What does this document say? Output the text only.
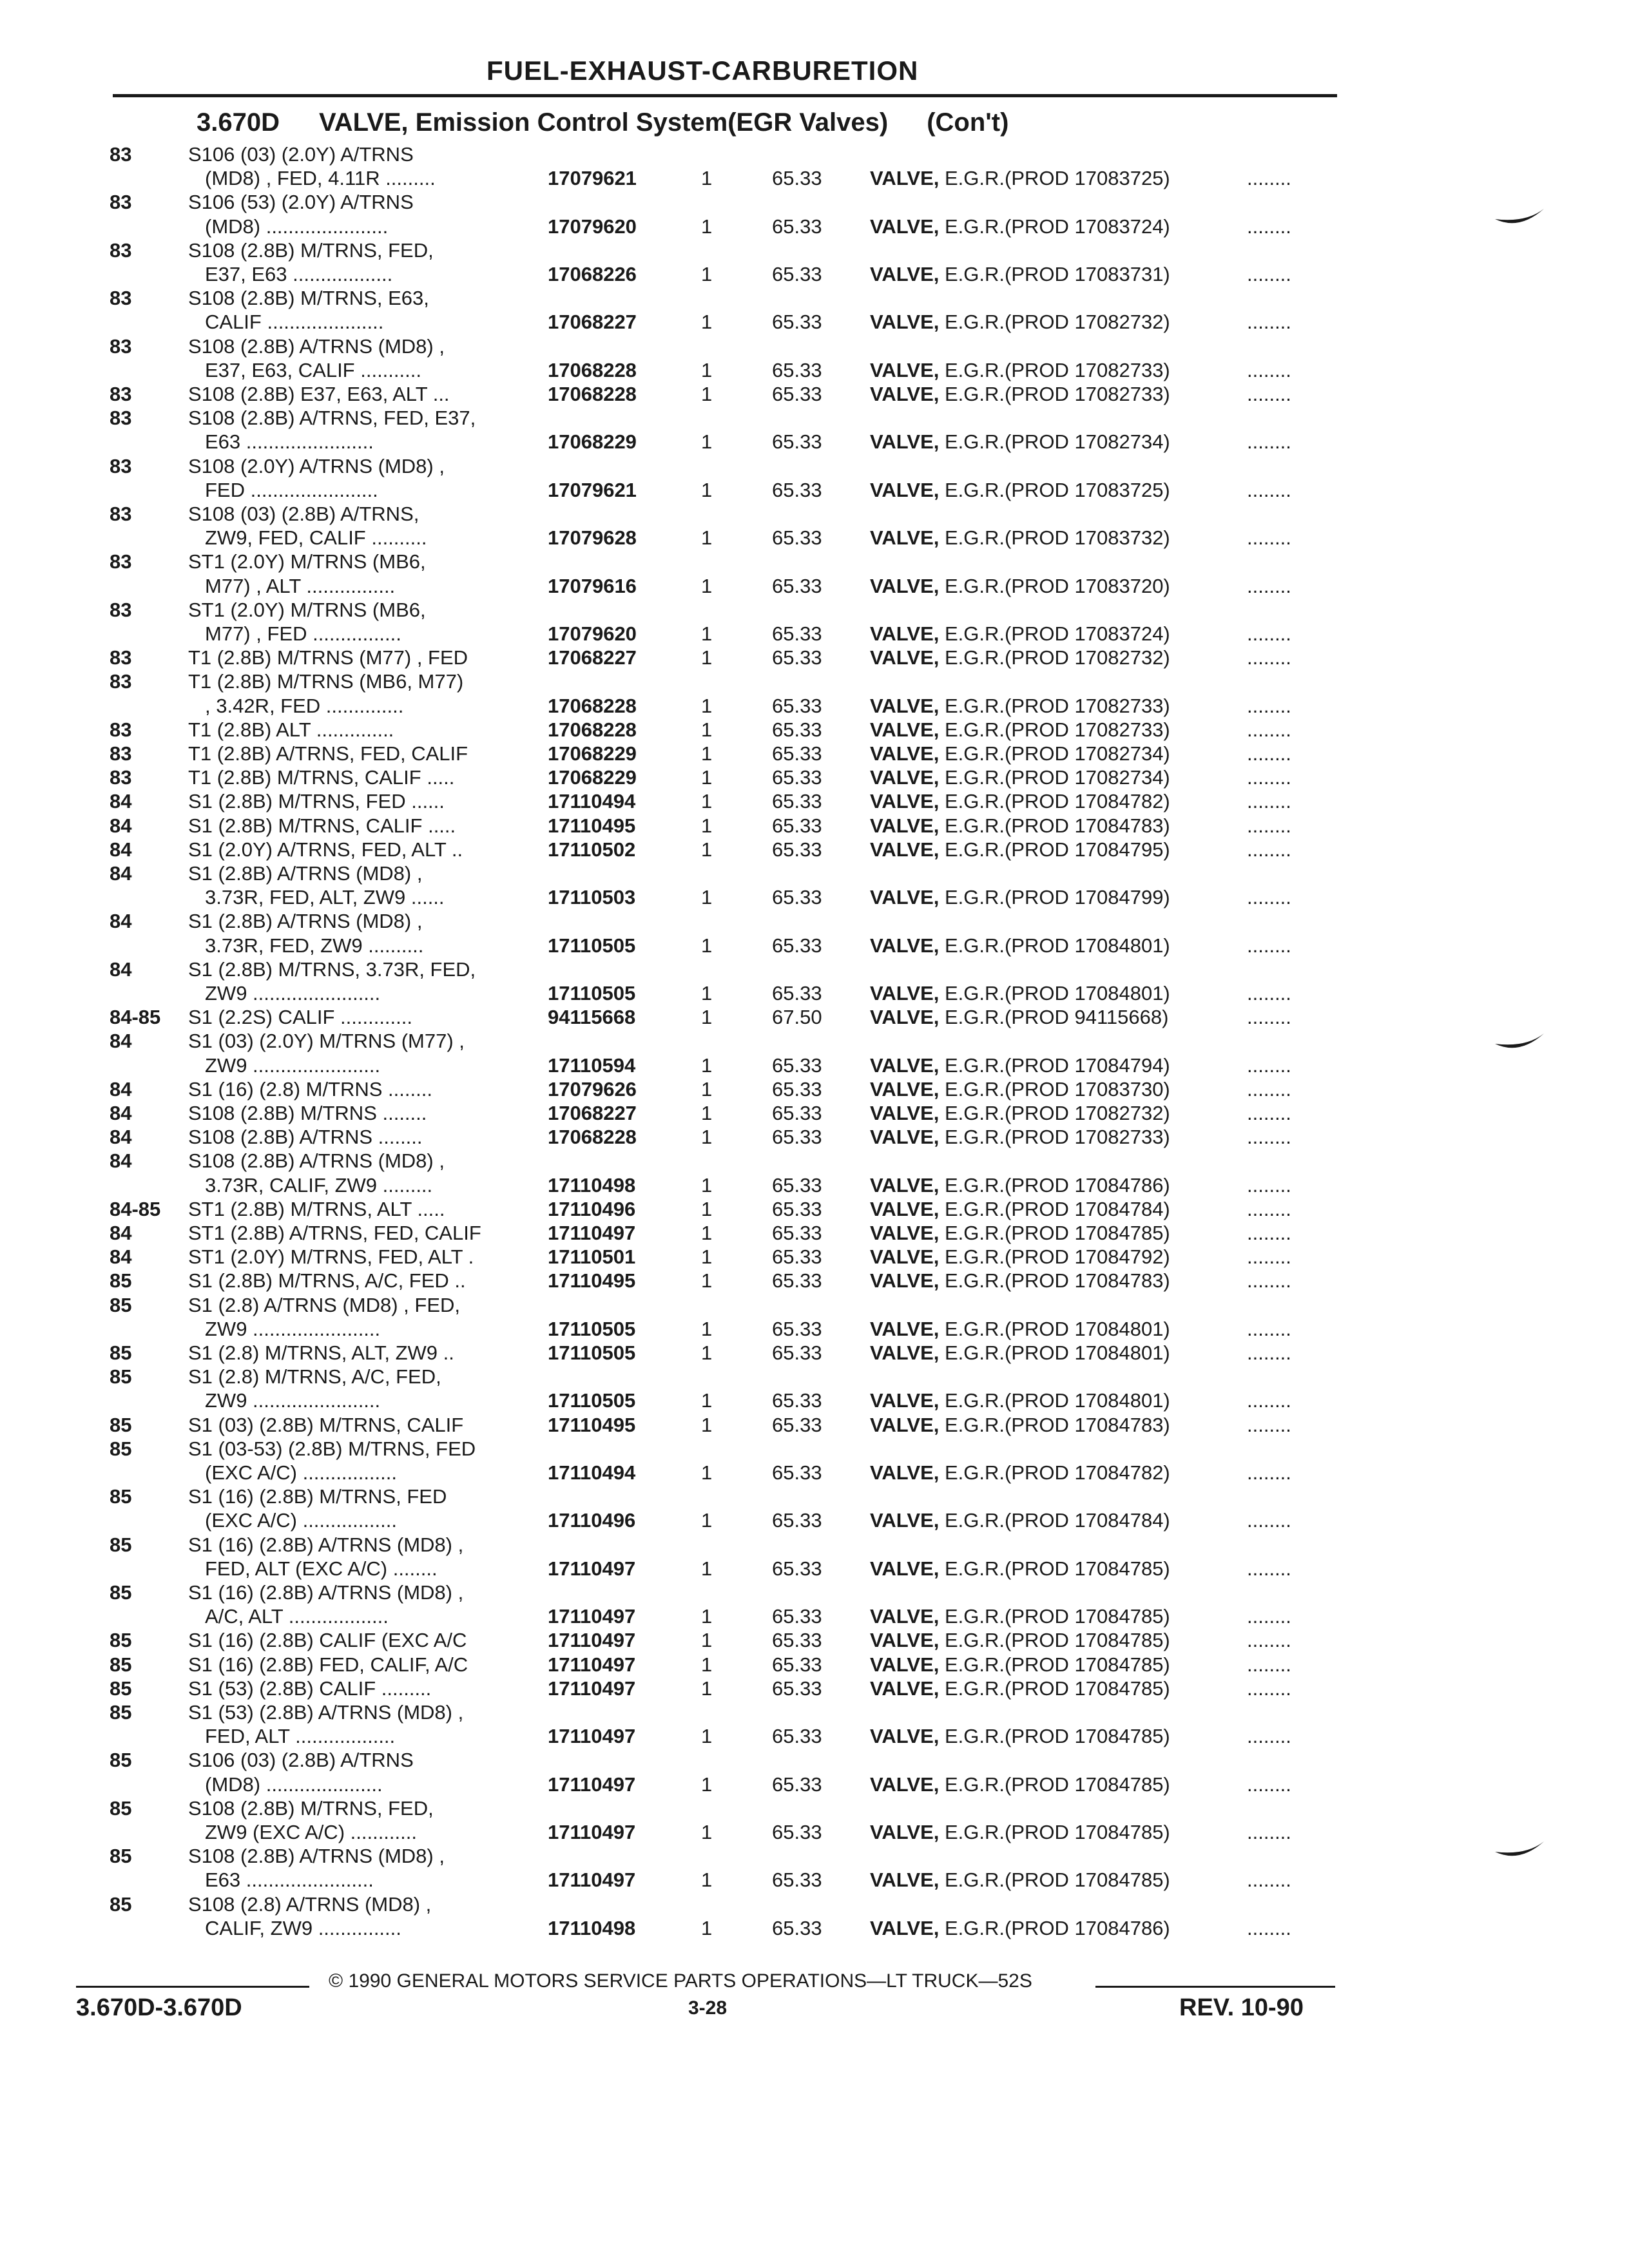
FUEL-EXHAUST-CARBURETION
3.670D VALVE, Emission Control System(EGR Valves) (Con't)
83	S106 (03) (2.0Y) A/TRNS
(MD8) , FED, 4.11R .........	17079621	1	65.33 VALVE, E.G.R.(PROD 17083725)	........
83	S106 (53) (2.0Y) A/TRNS
(MD8) ......................	17079620	1	65.33 VALVE, E.G.R.(PROD 17083724)	........
83	S108 (2.8B) M/TRNS, FED,
E37, E63 ..................	17068226	1	65.33 VALVE, E.G.R.(PROD 17083731)	........
83	S108 (2.8B) M/TRNS, E63,
CALIF .....................	17068227	1	65.33 VALVE, E.G.R.(PROD 17082732)	........
83	S108 (2.8B) A/TRNS (MD8) ,
E37, E63, CALIF ...........	17068228	1	65.33 VALVE, E.G.R.(PROD 17082733)	........
83	S108 (2.8B) E37, E63, ALT ...	17068228	1	65.33 VALVE, E.G.R.(PROD 17082733)	........
83	S108 (2.8B) A/TRNS, FED, E37,
E63 .......................	17068229	1	65.33 VALVE, E.G.R.(PROD 17082734)	........
83	S108 (2.0Y) A/TRNS (MD8) ,
FED .......................	17079621	1	65.33 VALVE, E.G.R.(PROD 17083725)	........
83	S108 (03) (2.8B) A/TRNS,
ZW9, FED, CALIF ..........	17079628	1	65.33 VALVE, E.G.R.(PROD 17083732)	........
83	ST1 (2.0Y) M/TRNS (MB6,
M77) , ALT ................	17079616	1	65.33 VALVE, E.G.R.(PROD 17083720)	........
83	ST1 (2.0Y) M/TRNS (MB6,
M77) , FED ................	17079620	1	65.33 VALVE, E.G.R.(PROD 17083724)	........
83	T1 (2.8B) M/TRNS (M77) , FED	17068227	1	65.33 VALVE, E.G.R.(PROD 17082732)	........
83	T1 (2.8B) M/TRNS (MB6, M77)
, 3.42R, FED ..............	17068228	1	65.33 VALVE, E.G.R.(PROD 17082733)	........
83	T1 (2.8B) ALT ..............	17068228	1	65.33 VALVE, E.G.R.(PROD 17082733)	........
83	T1 (2.8B) A/TRNS, FED, CALIF	17068229	1	65.33 VALVE, E.G.R.(PROD 17082734)	........
83	T1 (2.8B) M/TRNS, CALIF .....	17068229	1	65.33 VALVE, E.G.R.(PROD 17082734)	........
84	S1 (2.8B) M/TRNS, FED ......	17110494	1	65.33 VALVE, E.G.R.(PROD 17084782)	........
84	S1 (2.8B) M/TRNS, CALIF .....	17110495	1	65.33 VALVE, E.G.R.(PROD 17084783)	........
84	S1 (2.0Y) A/TRNS, FED, ALT ..	17110502	1	65.33 VALVE, E.G.R.(PROD 17084795)	........
84	S1 (2.8B) A/TRNS (MD8) ,
3.73R, FED, ALT, ZW9 ......	17110503	1	65.33 VALVE, E.G.R.(PROD 17084799)	........
84	S1 (2.8B) A/TRNS (MD8) ,
3.73R, FED, ZW9 ..........	17110505	1	65.33 VALVE, E.G.R.(PROD 17084801)	........
84	S1 (2.8B) M/TRNS, 3.73R, FED,
ZW9 .......................	17110505	1	65.33 VALVE, E.G.R.(PROD 17084801)	........
84-85 S1 (2.2S) CALIF .............	94115668	1	67.50 VALVE, E.G.R.(PROD 94115668)	........
84	S1 (03) (2.0Y) M/TRNS (M77) ,
ZW9 .......................	17110594	1	65.33 VALVE, E.G.R.(PROD 17084794)	........
84	S1 (16) (2.8) M/TRNS ........	17079626	1	65.33 VALVE, E.G.R.(PROD 17083730)	........
84	S108 (2.8B) M/TRNS ........	17068227	1	65.33 VALVE, E.G.R.(PROD 17082732)	........
84	S108 (2.8B) A/TRNS ........	17068228	1	65.33 VALVE, E.G.R.(PROD 17082733)	........
84	S108 (2.8B) A/TRNS (MD8) ,
3.73R, CALIF, ZW9 .........	17110498	1	65.33 VALVE, E.G.R.(PROD 17084786)	........
84-85 ST1 (2.8B) M/TRNS, ALT .....	17110496	1	65.33 VALVE, E.G.R.(PROD 17084784)	........
84	ST1 (2.8B) A/TRNS, FED, CALIF	17110497	1	65.33 VALVE, E.G.R.(PROD 17084785)	........
84	ST1 (2.0Y) M/TRNS, FED, ALT .	17110501	1	65.33 VALVE, E.G.R.(PROD 17084792)	........
85	S1 (2.8B) M/TRNS, A/C, FED ..	17110495	1	65.33 VALVE, E.G.R.(PROD 17084783)	........
85	S1 (2.8) A/TRNS (MD8) , FED,
ZW9 .......................	17110505	1	65.33 VALVE, E.G.R.(PROD 17084801)	........
85	S1 (2.8) M/TRNS, ALT, ZW9 ..	17110505	1	65.33 VALVE, E.G.R.(PROD 17084801)	........
85	S1 (2.8) M/TRNS, A/C, FED,
ZW9 .......................	17110505	1	65.33 VALVE, E.G.R.(PROD 17084801)	........
85	S1 (03) (2.8B) M/TRNS, CALIF	17110495	1	65.33 VALVE, E.G.R.(PROD 17084783)	........
85	S1 (03-53) (2.8B) M/TRNS, FED
(EXC A/C) .................	17110494	1	65.33 VALVE, E.G.R.(PROD 17084782)	........
85	S1 (16) (2.8B) M/TRNS, FED
(EXC A/C) .................	17110496	1	65.33 VALVE, E.G.R.(PROD 17084784)	........
85	S1 (16) (2.8B) A/TRNS (MD8) ,
FED, ALT (EXC A/C) ........	17110497	1	65.33 VALVE, E.G.R.(PROD 17084785)	........
85	S1 (16) (2.8B) A/TRNS (MD8) ,
A/C, ALT ..................	17110497	1	65.33 VALVE, E.G.R.(PROD 17084785)	........
85	S1 (16) (2.8B) CALIF (EXC A/C	17110497	1	65.33 VALVE, E.G.R.(PROD 17084785)	........
85	S1 (16) (2.8B) FED, CALIF, A/C	17110497	1	65.33 VALVE, E.G.R.(PROD 17084785)	........
85	S1 (53) (2.8B) CALIF .........	17110497	1	65.33 VALVE, E.G.R.(PROD 17084785)	........
85	S1 (53) (2.8B) A/TRNS (MD8) ,
FED, ALT ..................	17110497	1	65.33 VALVE, E.G.R.(PROD 17084785)	........
85	S106 (03) (2.8B) A/TRNS
(MD8) .....................	17110497	1	65.33 VALVE, E.G.R.(PROD 17084785)	........
85	S108 (2.8B) M/TRNS, FED,
ZW9 (EXC A/C) ............	17110497	1	65.33 VALVE, E.G.R.(PROD 17084785)	........
85	S108 (2.8B) A/TRNS (MD8) ,
E63 .......................	17110497	1	65.33 VALVE, E.G.R.(PROD 17084785)	........
85	S108 (2.8) A/TRNS (MD8) ,
CALIF, ZW9 ...............	17110498	1	65.33 VALVE, E.G.R.(PROD 17084786)	........
© 1990 GENERAL MOTORS SERVICE PARTS OPERATIONS—LT TRUCK—52S
3.670D-3.670D	3-28	REV. 10-90
